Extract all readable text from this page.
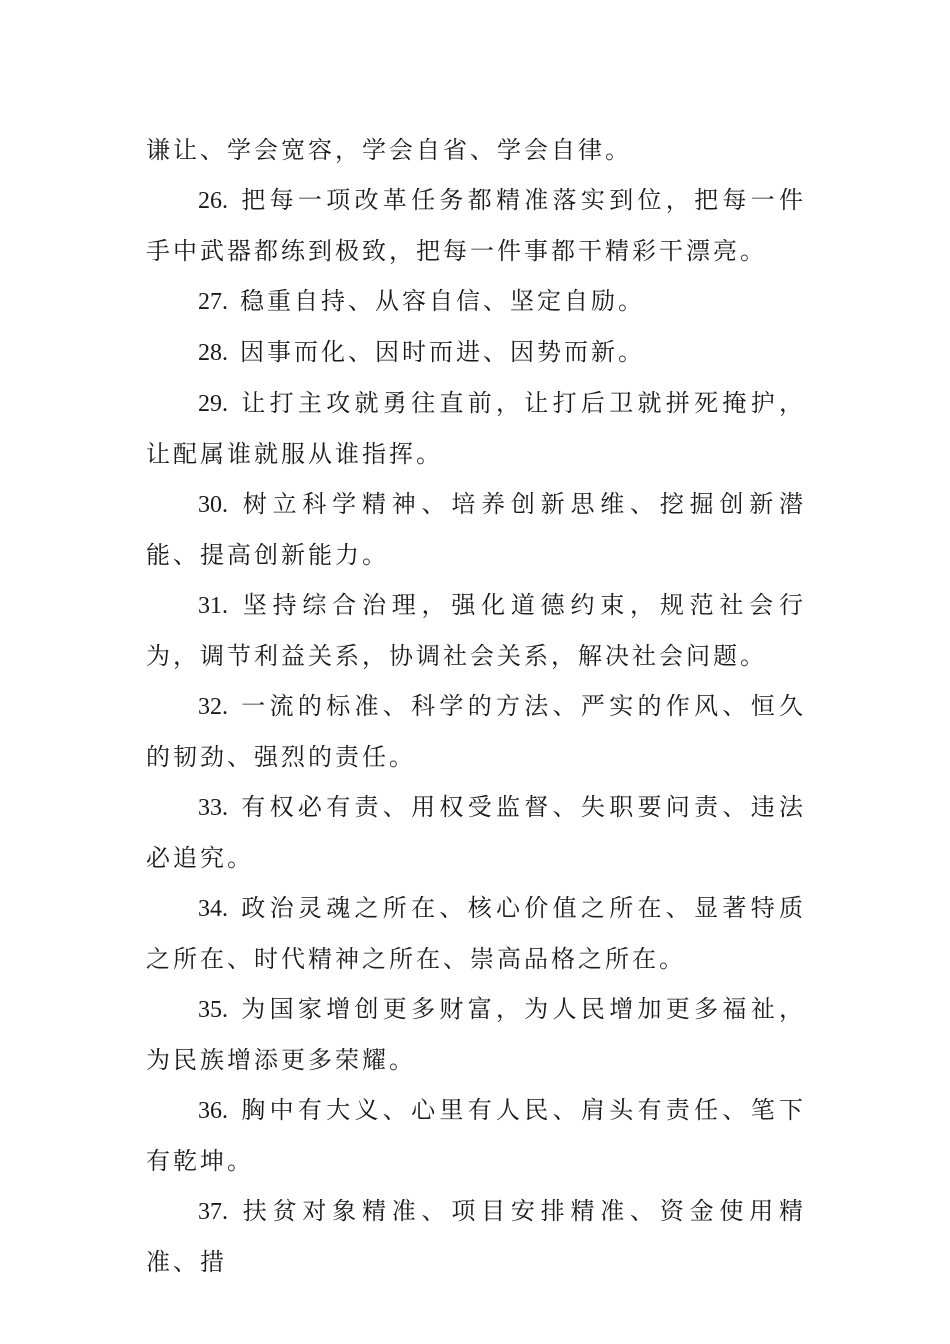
谦让、学会宽容，学会自省、学会自律。

26. 把每一项改革任务都精准落实到位，把每一件手中武器都练到极致，把每一件事都干精彩干漂亮。

27. 稳重自持、从容自信、坚定自励。

28. 因事而化、因时而进、因势而新。

29. 让打主攻就勇往直前，让打后卫就拼死掩护，让配属谁就服从谁指挥。

30. 树立科学精神、培养创新思维、挖掘创新潜能、提高创新能力。

31. 坚持综合治理，强化道德约束，规范社会行为，调节利益关系，协调社会关系，解决社会问题。

32. 一流的标准、科学的方法、严实的作风、恒久的韧劲、强烈的责任。

33. 有权必有责、用权受监督、失职要问责、违法必追究。

34. 政治灵魂之所在、核心价值之所在、显著特质之所在、时代精神之所在、崇高品格之所在。

35. 为国家增创更多财富，为人民增加更多福祉，为民族增添更多荣耀。

36. 胸中有大义、心里有人民、肩头有责任、笔下有乾坤。

37. 扶贫对象精准、项目安排精准、资金使用精准、措
